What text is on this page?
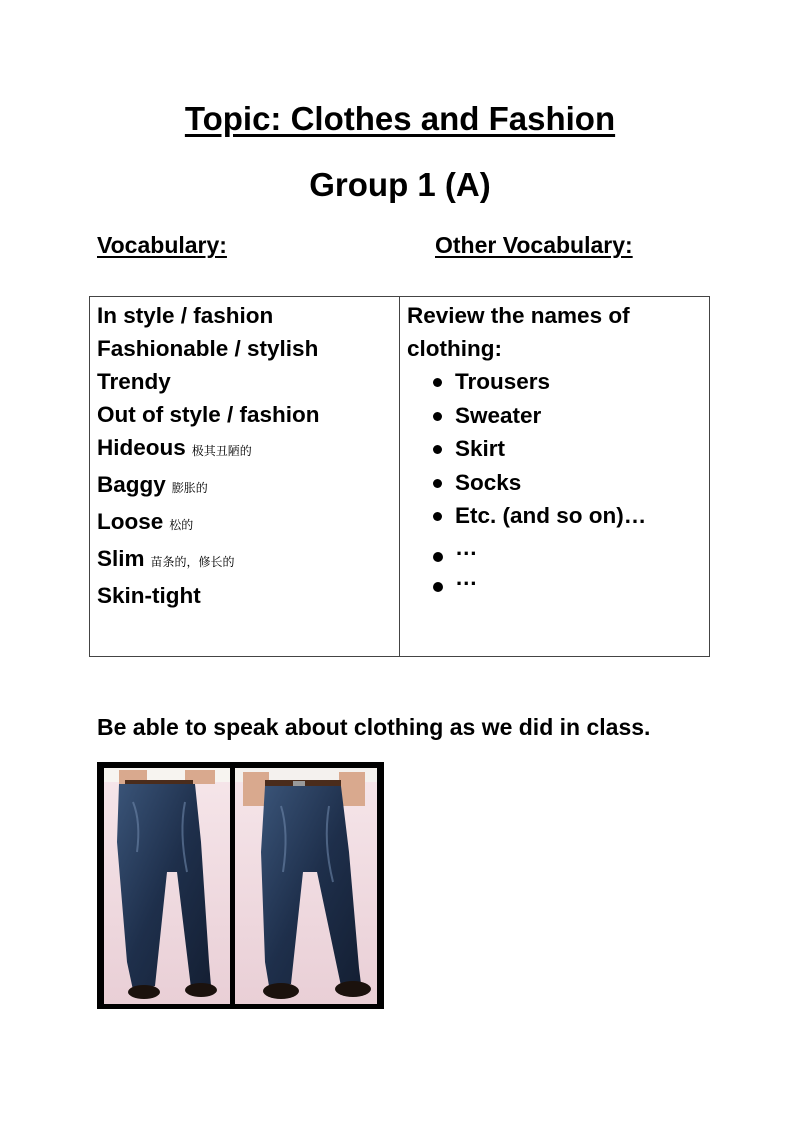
Topic: Clothes and Fashion
Group 1 (A)
Vocabulary:	Other Vocabulary:
In style / fashion
Fashionable / stylish
Trendy
Out of style / fashion
Hideous 极其丑陋的
Baggy 膨胀的
Loose 松的
Slim 苗条的，修长的
Skin-tight
Review the names of
clothing:
Trousers
Sweater
Skirt
Socks
Etc. (and so on)…
…
…
Be able to speak about clothing as we did in class.
